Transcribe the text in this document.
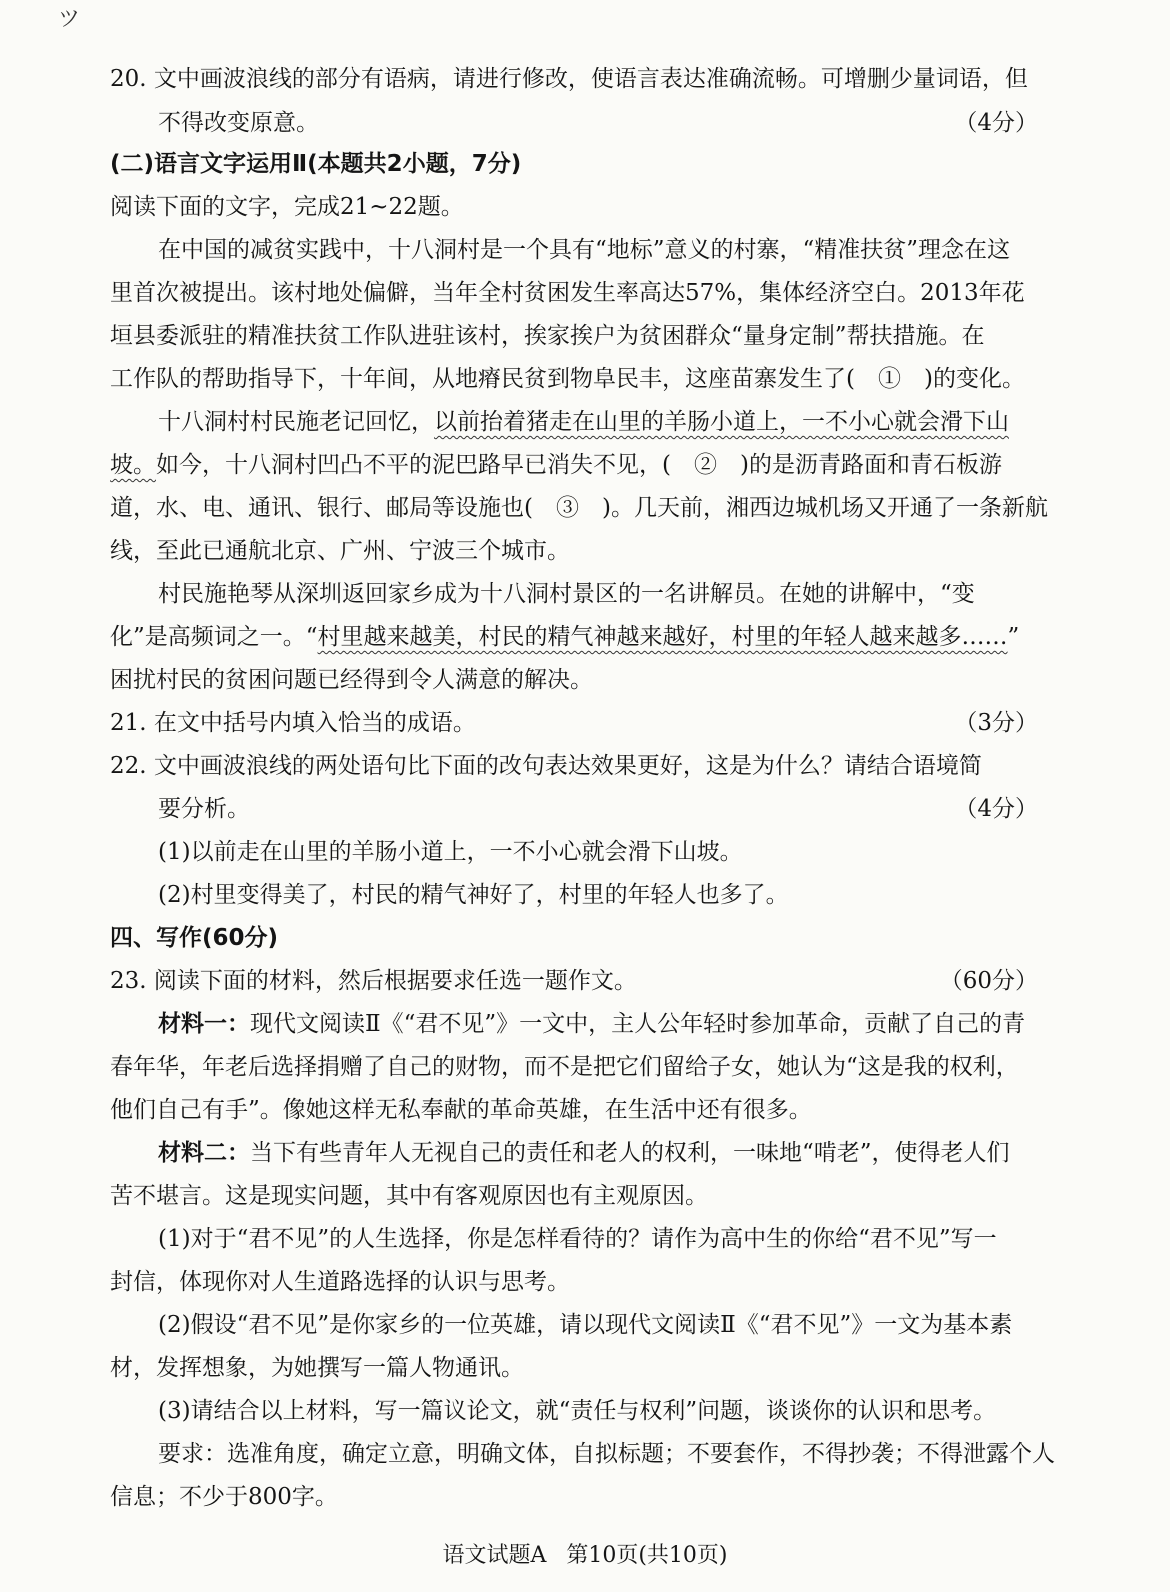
ツ
20. 文中画波浪线的部分有语病，请进行修改，使语言表达准确流畅。可增删少量词语，但
不得改变原意。	（4分）
(二)语言文字运用Ⅱ(本题共2小题，7分)
阅读下面的文字，完成21~22题。
在中国的减贫实践中，十八洞村是一个具有“地标”意义的村寨，“精准扶贫”理念在这
里首次被提出。该村地处偏僻，当年全村贫困发生率高达57%，集体经济空白。2013年花
垣县委派驻的精准扶贫工作队进驻该村，挨家挨户为贫困群众“量身定制”帮扶措施。在
工作队的帮助指导下，十年间，从地瘠民贫到物阜民丰，这座苗寨发生了(　①　)的变化。
十八洞村村民施老记回忆，以前抬着猪走在山里的羊肠小道上，一不小心就会滑下山
坡。如今，十八洞村凹凸不平的泥巴路早已消失不见，(　②　)的是沥青路面和青石板游
道，水、电、通讯、银行、邮局等设施也(　③　)。几天前，湘西边城机场又开通了一条新航
线，至此已通航北京、广州、宁波三个城市。
村民施艳琴从深圳返回家乡成为十八洞村景区的一名讲解员。在她的讲解中，“变
化”是高频词之一。“村里越来越美，村民的精气神越来越好，村里的年轻人越来越多……”
困扰村民的贫困问题已经得到令人满意的解决。
21. 在文中括号内填入恰当的成语。	（3分）
22. 文中画波浪线的两处语句比下面的改句表达效果更好，这是为什么？请结合语境简
要分析。	（4分）
(1)以前走在山里的羊肠小道上，一不小心就会滑下山坡。
(2)村里变得美了，村民的精气神好了，村里的年轻人也多了。
四、写作(60分)
23. 阅读下面的材料，然后根据要求任选一题作文。	（60分）
材料一：现代文阅读Ⅱ《“君不见”》一文中，主人公年轻时参加革命，贡献了自己的青
春年华，年老后选择捐赠了自己的财物，而不是把它们留给子女，她认为“这是我的权利，
他们自己有手”。像她这样无私奉献的革命英雄，在生活中还有很多。
材料二：当下有些青年人无视自己的责任和老人的权利，一味地“啃老”，使得老人们
苦不堪言。这是现实问题，其中有客观原因也有主观原因。
(1)对于“君不见”的人生选择，你是怎样看待的？请作为高中生的你给“君不见”写一
封信，体现你对人生道路选择的认识与思考。
(2)假设“君不见”是你家乡的一位英雄，请以现代文阅读Ⅱ《“君不见”》一文为基本素
材，发挥想象，为她撰写一篇人物通讯。
(3)请结合以上材料，写一篇议论文，就“责任与权利”问题，谈谈你的认识和思考。
要求：选准角度，确定立意，明确文体，自拟标题；不要套作，不得抄袭；不得泄露个人
信息；不少于800字。
语文试题A 第10页(共10页)
